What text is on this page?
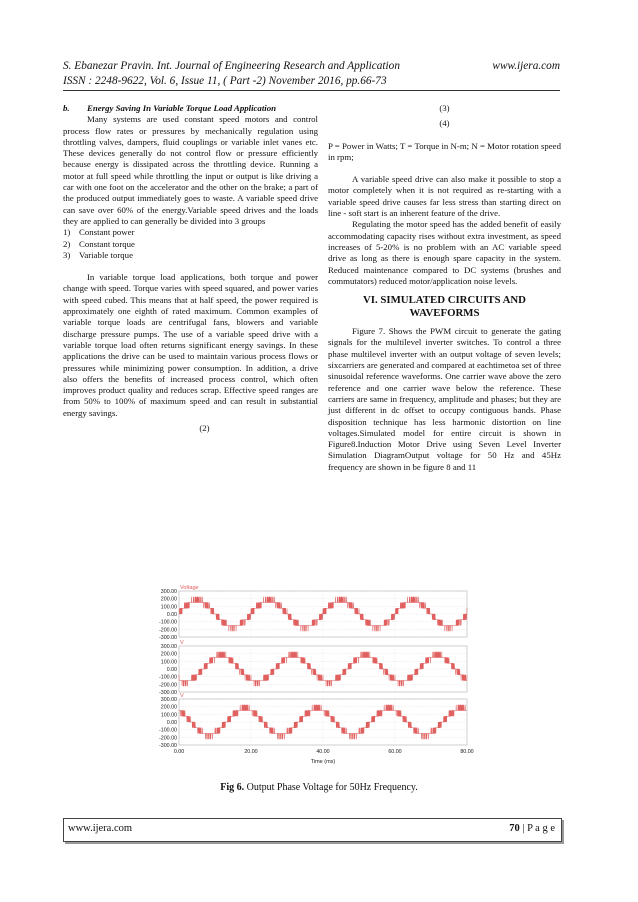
S. Ebanezar Pravin. Int. Journal of Engineering Research and Application	www.ijera.com
ISSN : 2248-9622, Vol. 6, Issue 11, ( Part -2) November 2016, pp.66-73
b.	Energy Saving In Variable Torque Load Application

Many systems are used constant speed motors and control process flow rates or pressures by mechanically regulation using throttling valves, dampers, fluid couplings or variable inlet vanes etc. These devices generally do not control flow or pressure efficiently because energy is dissipated across the throttling device. Running a motor at full speed while throttling the input or output is like driving a car with one foot on the accelerator and the other on the brake; a part of the produced output immediately goes to waste. A variable speed drive can save over 60% of the energy.Variable speed drives and the loads they are applied to can generally be divided into 3 groups

1) Constant power
2) Constant torque
3) Variable torque

In variable torque load applications, both torque and power change with speed. Torque varies with speed squared, and power varies with speed cubed. This means that at half speed, the power required is approximately one eighth of rated maximum. Common examples of variable torque loads are centrifugal fans, blowers and variable discharge pressure pumps. The use of a variable speed drive with a variable torque load often returns significant energy savings. In these applications the drive can be used to maintain various process flows or pressures while minimizing power consumption. In addition, a drive also offers the benefits of increased process control, which often improves product quality and reduces scrap. Effective speed ranges are from 50% to 100% of maximum speed and can result in substantial energy savings.

(2)
(3)
(4)

P = Power in Watts; T = Torque in N-m; N = Motor rotation speed in rpm;

A variable speed drive can also make it possible to stop a motor completely when it is not required as re-starting with a variable speed drive causes far less stress than starting direct on line - soft start is an inherent feature of the drive.

Regulating the motor speed has the added benefit of easily accommodating capacity rises without extra investment, as speed increases of 5-20% is no problem with an AC variable speed drive as long as there is enough spare capacity in the system. Reduced maintenance compared to DC systems (brushes and commutators) reduced motor/application noise levels.

VI. SIMULATED CIRCUITS AND WAVEFORMS

Figure 7. Shows the PWM circuit to generate the gating signals for the multilevel inverter switches. To control a three phase multilevel inverter with an output voltage of seven levels; sixcarriers are generated and compared at eachtimetoa set of three sinusoidal reference waveforms. One carrier wave above the zero reference and one carrier wave below the reference. These carriers are same in frequency, amplitude and phases; but they are just different in dc offset to occupy contiguous bands. Phase disposition technique has less harmonic distortion on line voltages.Simulated model for entire circuit is shown in Figure8.Induction Motor Drive using Seven Level Inverter Simulation DiagramOutput voltage for 50 Hz and 45Hz frequency are shown in be figure 8 and 11

300.00
200.00
100.00
0.00
-100.00
-200.00
-300.00
Voltage
300.00
200.00
100.00
0.00
-100.00
-200.00
-300.00
V
300.00
200.00
100.00
0.00
-100.00
-200.00
-300.00
V
0.00	20.00	40.00	60.00	80.00
Time (ms)
Fig 6. Output Phase Voltage for 50Hz Frequency.
www.ijera.com	70 | P a g e
